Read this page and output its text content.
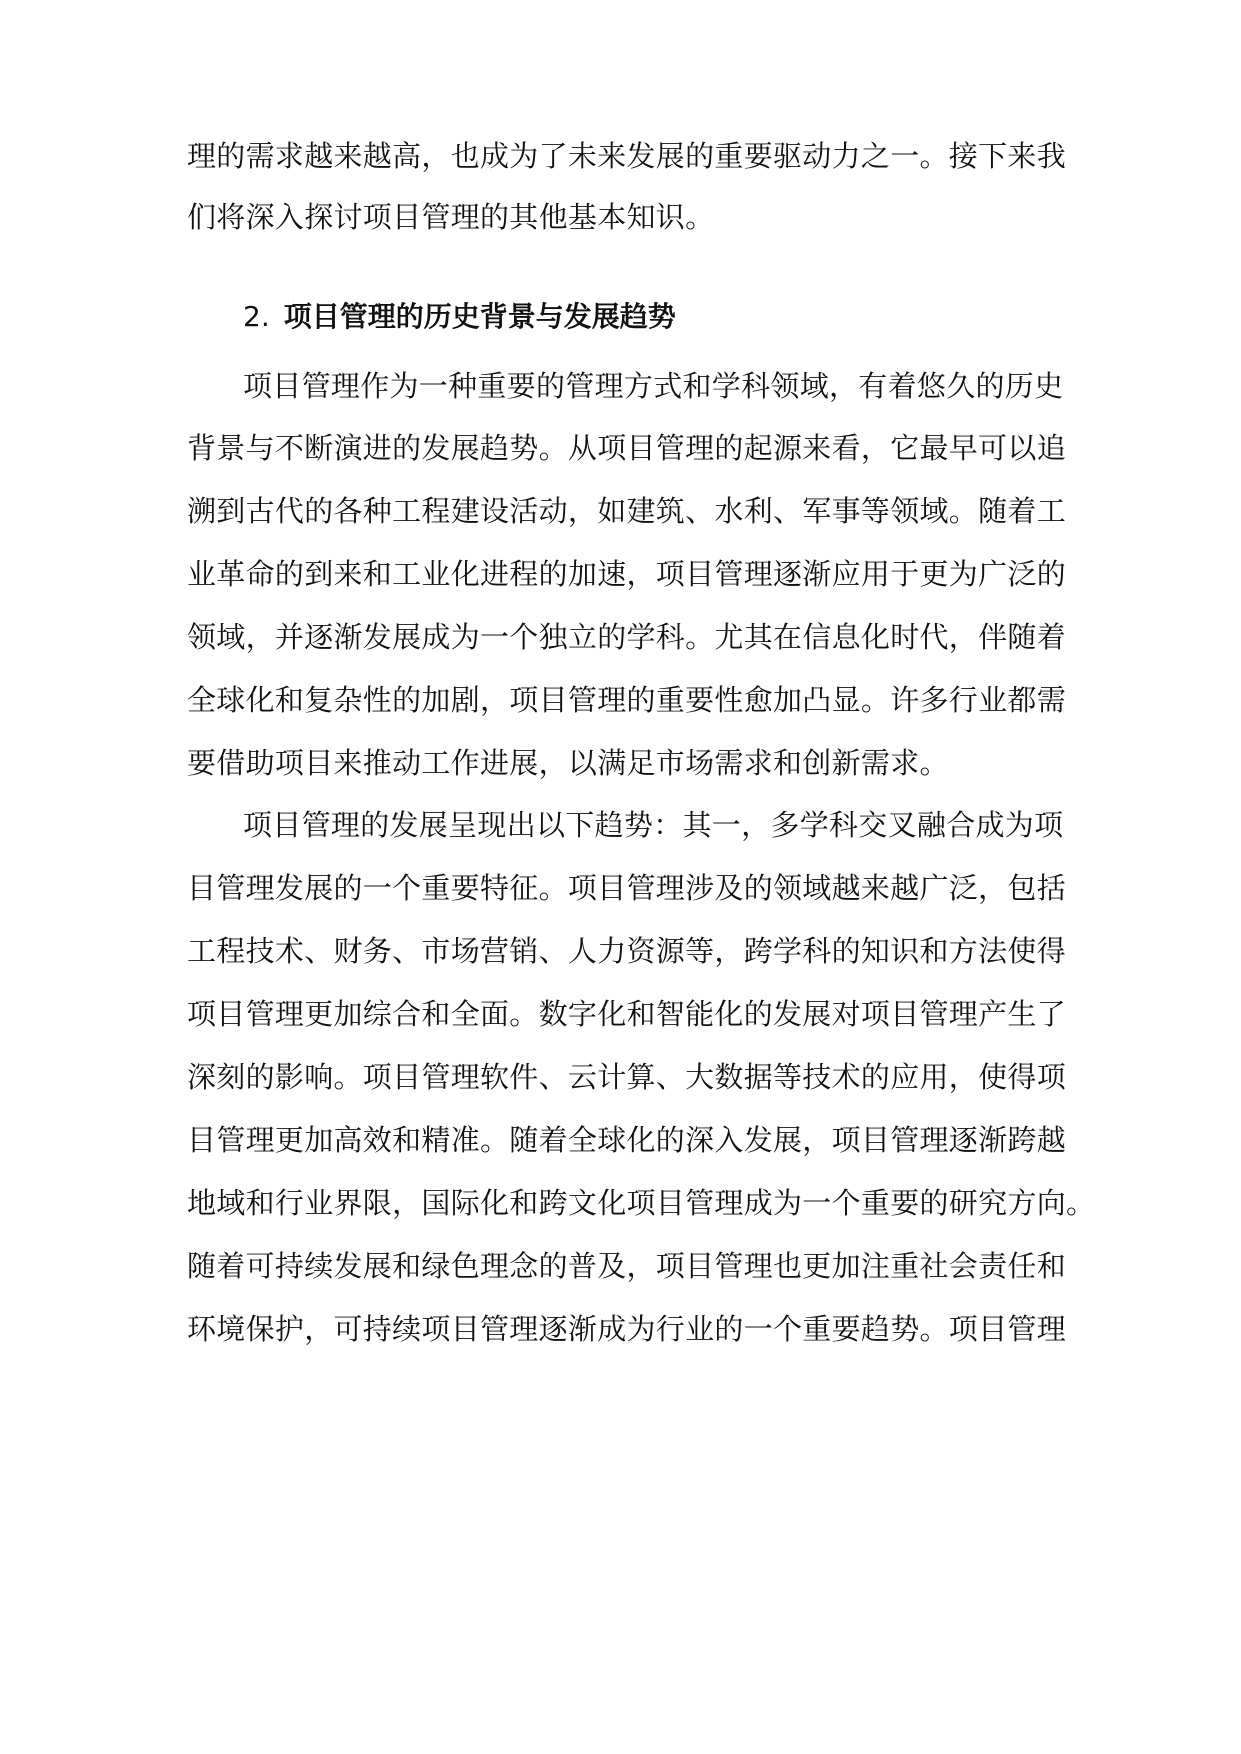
理的需求越来越高，也成为了未来发展的重要驱动力之一。接下来我
们将深入探讨项目管理的其他基本知识。
2. 项目管理的历史背景与发展趋势
项目管理作为一种重要的管理方式和学科领域，有着悠久的历史
背景与不断演进的发展趋势。从项目管理的起源来看，它最早可以追
溯到古代的各种工程建设活动，如建筑、水利、军事等领域。随着工
业革命的到来和工业化进程的加速，项目管理逐渐应用于更为广泛的
领域，并逐渐发展成为一个独立的学科。尤其在信息化时代，伴随着
全球化和复杂性的加剧，项目管理的重要性愈加凸显。许多行业都需
要借助项目来推动工作进展，以满足市场需求和创新需求。
项目管理的发展呈现出以下趋势：其一，多学科交叉融合成为项
目管理发展的一个重要特征。项目管理涉及的领域越来越广泛，包括
工程技术、财务、市场营销、人力资源等，跨学科的知识和方法使得
项目管理更加综合和全面。数字化和智能化的发展对项目管理产生了
深刻的影响。项目管理软件、云计算、大数据等技术的应用，使得项
目管理更加高效和精准。随着全球化的深入发展，项目管理逐渐跨越
地域和行业界限，国际化和跨文化项目管理成为一个重要的研究方向。
随着可持续发展和绿色理念的普及，项目管理也更加注重社会责任和
环境保护，可持续项目管理逐渐成为行业的一个重要趋势。项目管理
